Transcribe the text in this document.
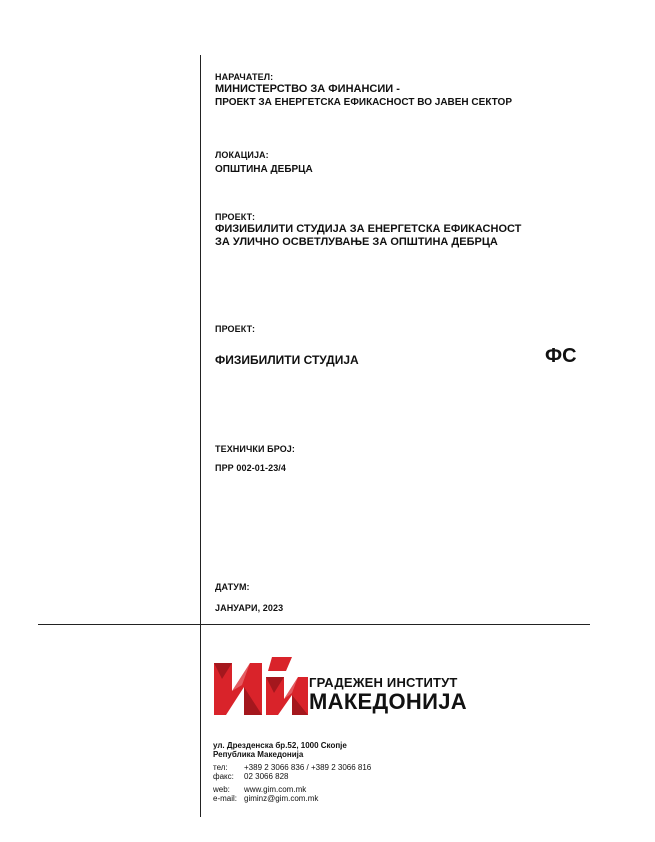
НАРАЧАТЕЛ:
МИНИСТЕРСТВО ЗА ФИНАНСИИ -
ПРОЕКТ ЗА ЕНЕРГЕТСКА ЕФИКАСНОСТ ВО ЈАВЕН СЕКТОР
ЛОКАЦИЈА:
ОПШТИНА ДЕБРЦА
ПРОЕКТ:
ФИЗИБИЛИТИ СТУДИЈА ЗА ЕНЕРГЕТСКА ЕФИКАСНОСТ
ЗА УЛИЧНО ОСВЕТЛУВАЊЕ ЗА ОПШТИНА ДЕБРЦА
ПРОЕКТ:
ФИЗИБИЛИТИ СТУДИЈА	ФС
ТЕХНИЧКИ БРОЈ:
ПРР 002-01-23/4
ДАТУМ:
ЈАНУАРИ, 2023
ГРАДЕЖЕН ИНСТИТУТ
МАКЕДОНИЈА
ул. Дрезденска бр.52, 1000 Скопје
Република Македонија
тел:	+389 2 3066 836 / +389 2 3066 816
факс:	02 3066 828
web:	www.gim.com.mk
e-mail: giminz@gim.com.mk
